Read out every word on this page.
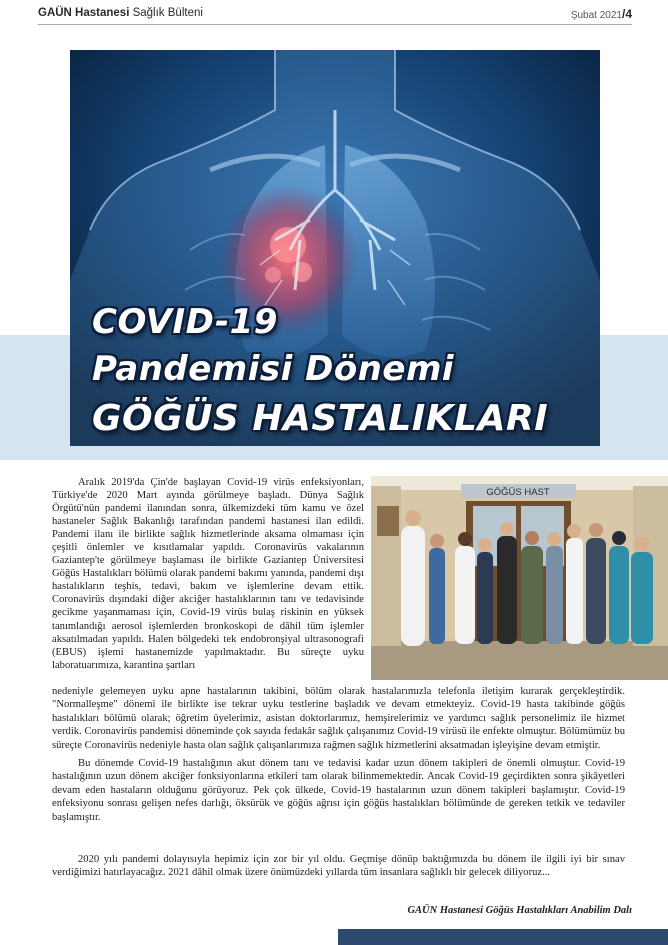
GAÜN Hastanesi Sağlık Bülteni	Şubat 2021/4
COVID-19
Pandemisi Dönemi
GÖĞÜS HASTALIKLARI

Aralık 2019'da Çin'de başlayan Covid-19 virüs enfeksiyonları, Türkiye'de 2020 Mart ayında görülmeye başladı. Dünya Sağlık Örgütü'nün pandemi ilanından sonra, ülkemizdeki tüm kamu ve özel hastaneler Sağlık Bakanlığı tarafından pandemi hastanesi ilan edildi. Pandemi ilanı ile birlikte sağlık hizmetlerinde aksama olmaması için çeşitli önlemler ve kısıtlamalar yapıldı. Coronavirüs vakalarının Gaziantep'te görülmeye başlaması ile birlikte Gaziantep Üniversitesi Göğüs Hastalıkları bölümü olarak pandemi bakımı yanında, pandemi dışı hastalıkların teşhis, tedavi, bakım ve işlemlerine devam ettik. Coronavirüs dışındaki diğer akciğer hastalıklarının tanı ve tedavisinde gecikme yaşanmaması için, Covid-19 virüs bulaş riskinin en yüksek tanımlandığı aerosol işlemlerden bronkoskopi de dâhil tüm işlemler aksatılmadan yapıldı. Halen bölgedeki tek endobronşiyal ultrasonografi (EBUS) işlemi hastanemizde yapılmaktadır. Bu süreçte uyku laboratuarımıza, karantina şartları

GÖĞÜS HAST

nedeniyle gelemeyen uyku apne hastalarının takibini, bölüm olarak hastalarımızla telefonla iletişim kurarak gerçekleştirdik. "Normalleşme" dönemi ile birlikte ise tekrar uyku testlerine başladık ve devam etmekteyiz. Covid-19 hasta takibinde göğüs hastalıkları bölümü olarak; öğretim üyelerimiz, asistan doktorlarımız, hemşirelerimiz ve yardımcı sağlık personelimiz ile hizmet verdik. Coronavirüs pandemisi döneminde çok sayıda fedakâr sağlık çalışanımız Covid-19 virüsü ile enfekte olmuştur. Bölümümüz bu süreçte Coronavirüs nedeniyle hasta olan sağlık çalışanlarımıza rağmen sağlık hizmetlerini aksatmadan işleyişine devam etmiştir.

Bu dönemde Covid-19 hastalığının akut dönem tanı ve tedavisi kadar uzun dönem takipleri de önemli olmuştur. Covid-19 hastalığının uzun dönem akciğer fonksiyonlarına etkileri tam olarak bilinmemektedir. Ancak Covid-19 geçirdikten sonra şikâyetleri devam eden hastaların olduğunu görüyoruz. Pek çok ülkede, Covid-19 hastalarının uzun dönem takipleri başlamıştır. Covid-19 enfeksiyonu sonrası gelişen nefes darlığı, öksürük ve göğüs ağrısı için göğüs hastalıkları bölümünde de gereken tetkik ve tedaviler başlamıştır.

2020 yılı pandemi dolayısıyla hepimiz için zor bir yıl oldu. Geçmişe dönüp baktığımızda bu dönem ile ilgili iyi bir sınav verdiğimizi hatırlayacağız. 2021 dâhil olmak üzere önümüzdeki yıllarda tüm insanlara sağlıklı bir gelecek diliyoruz...

GAÜN Hastanesi Göğüs Hastalıkları Anabilim Dalı
